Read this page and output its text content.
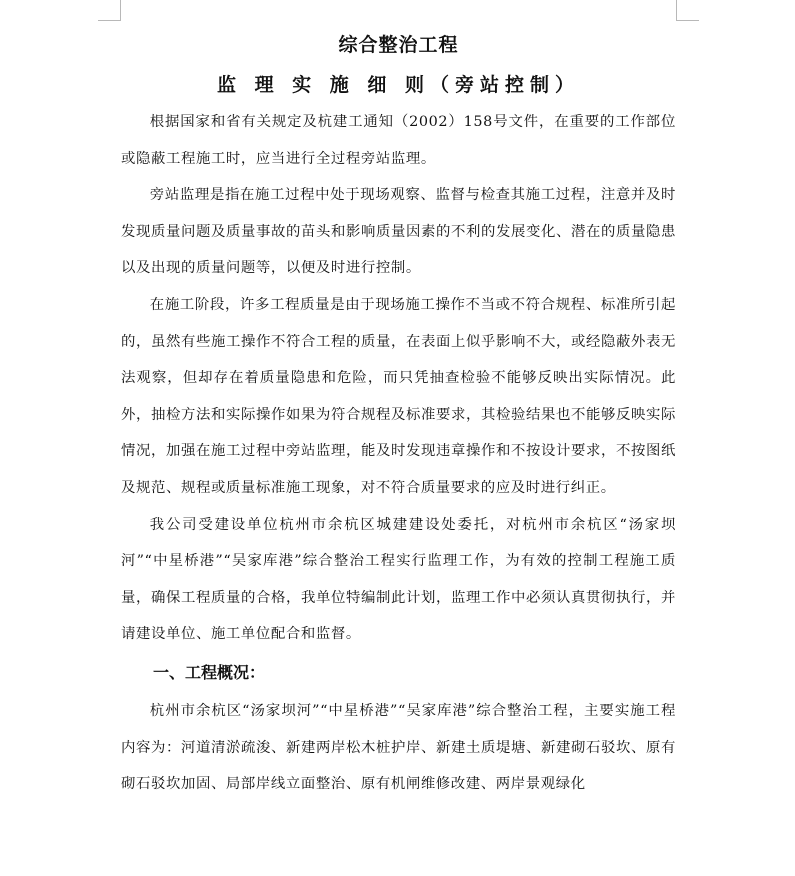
综合整治工程
监 理 实 施 细 则（旁站控制）

根据国家和省有关规定及杭建工通知（2002）158号文件，在重要的工作部位或隐蔽工程施工时，应当进行全过程旁站监理。

旁站监理是指在施工过程中处于现场观察、监督与检查其施工过程，注意并及时发现质量问题及质量事故的苗头和影响质量因素的不利的发展变化、潜在的质量隐患以及出现的质量问题等，以便及时进行控制。

在施工阶段，许多工程质量是由于现场施工操作不当或不符合规程、标准所引起的，虽然有些施工操作不符合工程的质量，在表面上似乎影响不大，或经隐蔽外表无法观察，但却存在着质量隐患和危险，而只凭抽查检验不能够反映出实际情况。此外，抽检方法和实际操作如果为符合规程及标准要求，其检验结果也不能够反映实际情况，加强在施工过程中旁站监理，能及时发现违章操作和不按设计要求，不按图纸及规范、规程或质量标准施工现象，对不符合质量要求的应及时进行纠正。

我公司受建设单位杭州市余杭区城建建设处委托，对杭州市余杭区“汤家坝河”“中星桥港”“吴家库港”综合整治工程实行监理工作，为有效的控制工程施工质量，确保工程质量的合格，我单位特编制此计划，监理工作中必须认真贯彻执行，并请建设单位、施工单位配合和监督。

一、工程概况：

杭州市余杭区“汤家坝河”“中星桥港”“吴家库港”综合整治工程，主要实施工程内容为：河道清淤疏浚、新建两岸松木桩护岸、新建土质堤塘、新建砌石驳坎、原有砌石驳坎加固、局部岸线立面整治、原有机闸维修改建、两岸景观绿化
